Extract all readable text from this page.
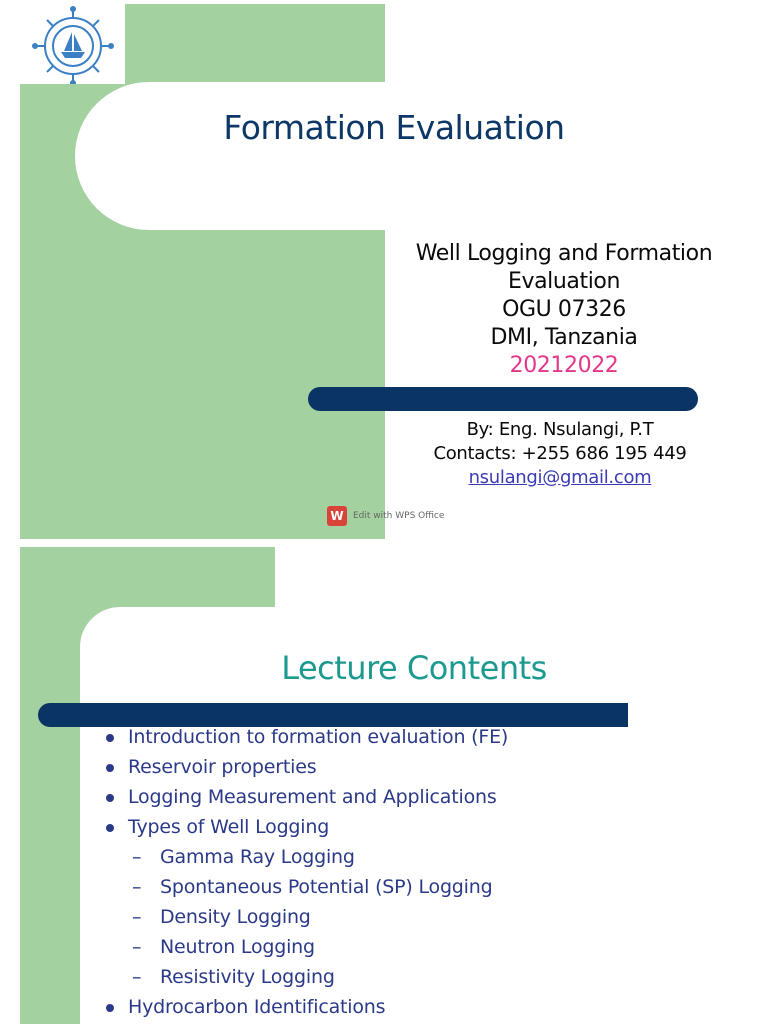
Formation Evaluation
Well Logging and Formation
Evaluation
OGU 07326
DMI, Tanzania
20212022
By: Eng. Nsulangi, P.T
Contacts: +255 686 195 449
nsulangi@gmail.com
W	Edit with WPS Office
Lecture Contents
Introduction to formation evaluation (FE)
Reservoir properties
Logging Measurement and Applications
Types of Well Logging
– Gamma Ray Logging
– Spontaneous Potential (SP) Logging
– Density Logging
– Neutron Logging
– Resistivity Logging
Hydrocarbon Identifications
